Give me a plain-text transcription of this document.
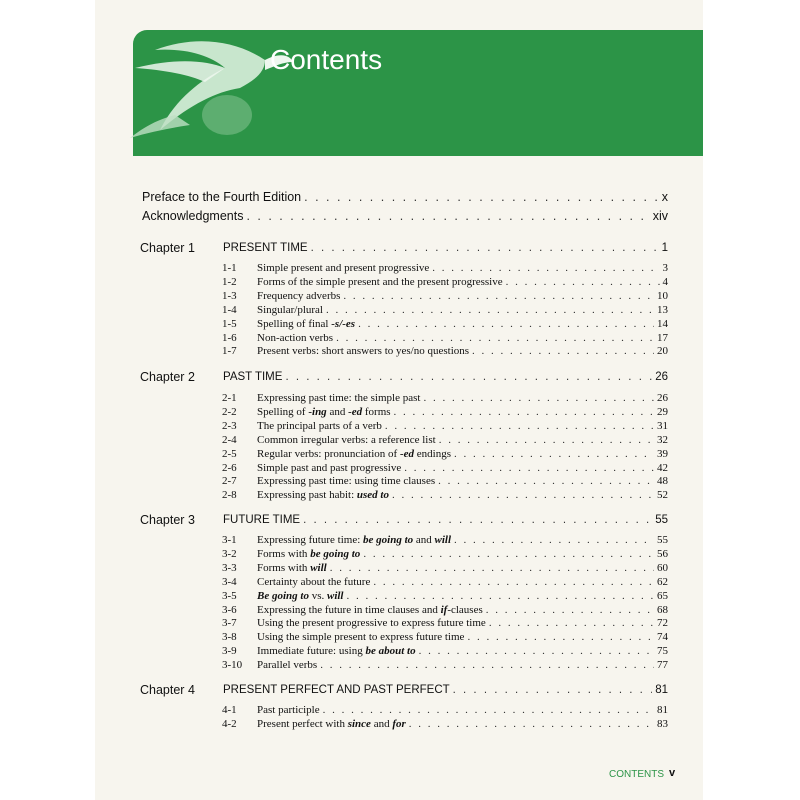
Contents
Preface to the Fourth Edition . . .	x
Acknowledgments . . .	xiv
Chapter 1 PRESENT TIME . . .	1
1-1	Simple present and present progressive . . .	3
1-2	Forms of the simple present and the present progressive . . .	4
1-3	Frequency adverbs . . .	10
1-4	Singular/plural . . .	13
1-5	Spelling of final -s/-es . . .	14
1-6	Non-action verbs . . .	17
1-7	Present verbs: short answers to yes/no questions . . .	20
Chapter 2 PAST TIME . . .	26
2-1	Expressing past time: the simple past . . .	26
2-2	Spelling of -ing and -ed forms . . .	29
2-3	The principal parts of a verb . . .	31
2-4	Common irregular verbs: a reference list . . .	32
2-5	Regular verbs: pronunciation of -ed endings . . .	39
2-6	Simple past and past progressive . . .	42
2-7	Expressing past time: using time clauses . . .	48
2-8	Expressing past habit: used to . . .	52
Chapter 3 FUTURE TIME . . .	55
3-1	Expressing future time: be going to and will . . .	55
3-2	Forms with be going to . . .	56
3-3	Forms with will . . .	60
3-4	Certainty about the future . . .	62
3-5	Be going to vs. will . . .	65
3-6	Expressing the future in time clauses and if-clauses . . .	68
3-7	Using the present progressive to express future time . . .	72
3-8	Using the simple present to express future time . . .	74
3-9	Immediate future: using be about to . . .	75
3-10	Parallel verbs . . .	77
Chapter 4 PRESENT PERFECT AND PAST PERFECT . . .	81
4-1	Past participle . . .	81
4-2	Present perfect with since and for . . .	83
CONTENTS v
